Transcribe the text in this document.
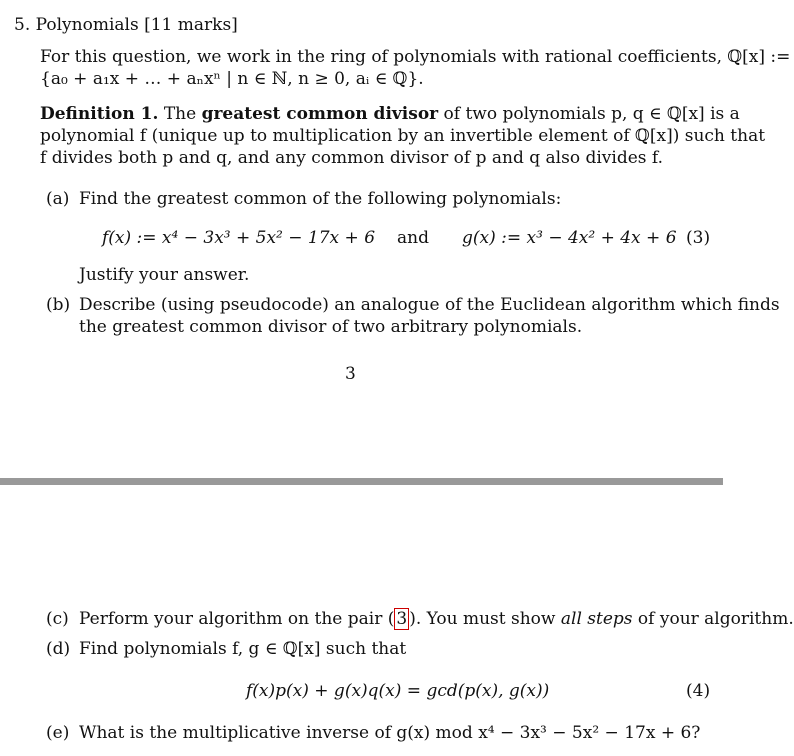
5. Polynomials [11 marks]
For this question, we work in the ring of polynomials with rational coefficients, ℚ[x] :=
{a₀ + a₁x + … + aₙxⁿ | n ∈ ℕ, n ≥ 0, aᵢ ∈ ℚ}.
Definition 1. The greatest common divisor of two polynomials p, q ∈ ℚ[x] is a
polynomial f (unique up to multiplication by an invertible element of ℚ[x]) such that
f divides both p and q, and any common divisor of p and q also divides f.
(a) Find the greatest common of the following polynomials:
f(x) := x⁴ − 3x³ + 5x² − 17x + 6 and g(x) := x³ − 4x² + 4x + 6 (3)
Justify your answer.
(b) Describe (using pseudocode) an analogue of the Euclidean algorithm which finds
the greatest common divisor of two arbitrary polynomials.
3
(c) Perform your algorithm on the pair ( 3 ). You must show all steps of your algorithm.
(d) Find polynomials f, g ∈ ℚ[x] such that
f(x)p(x) + g(x)q(x) = gcd(p(x), g(x))	(4)
(e) What is the multiplicative inverse of g(x) mod x⁴ − 3x³ − 5x² − 17x + 6?
